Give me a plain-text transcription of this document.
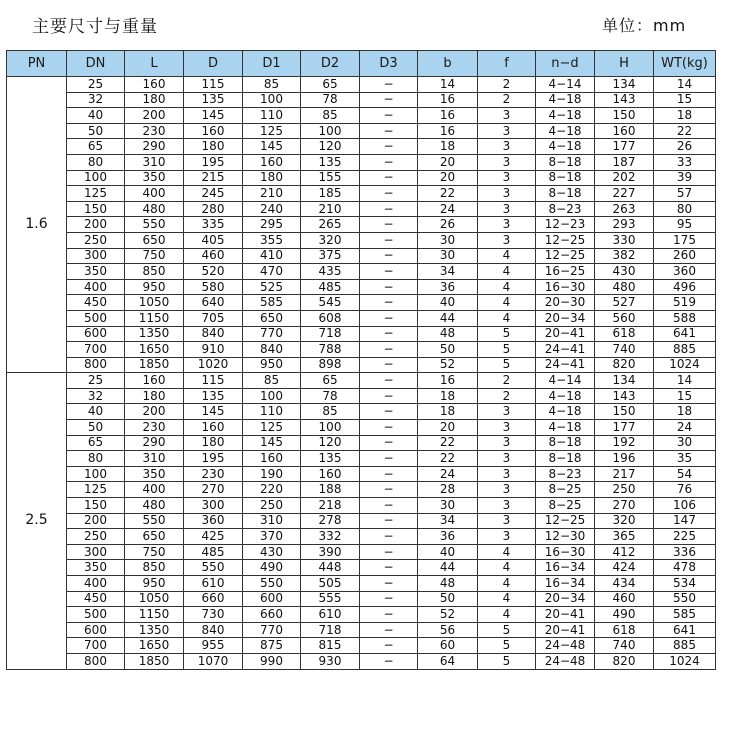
主要尺寸与重量	单位：mm
PN	DN	L	D	D1	D2	D3	b	f	n−d	H	WT(kg)
1.6	25	160	115	85	65	−	14	2	4−14	134	14
	32	180	135	100	78	−	16	2	4−18	143	15
	40	200	145	110	85	−	16	3	4−18	150	18
	50	230	160	125	100	−	16	3	4−18	160	22
	65	290	180	145	120	−	18	3	4−18	177	26
	80	310	195	160	135	−	20	3	8−18	187	33
	100	350	215	180	155	−	20	3	8−18	202	39
	125	400	245	210	185	−	22	3	8−18	227	57
	150	480	280	240	210	−	24	3	8−23	263	80
	200	550	335	295	265	−	26	3	12−23	293	95
	250	650	405	355	320	−	30	3	12−25	330	175
	300	750	460	410	375	−	30	4	12−25	382	260
	350	850	520	470	435	−	34	4	16−25	430	360
	400	950	580	525	485	−	36	4	16−30	480	496
	450	1050	640	585	545	−	40	4	20−30	527	519
	500	1150	705	650	608	−	44	4	20−34	560	588
	600	1350	840	770	718	−	48	5	20−41	618	641
	700	1650	910	840	788	−	50	5	24−41	740	885
	800	1850	1020	950	898	−	52	5	24−41	820	1024
2.5	25	160	115	85	65	−	16	2	4−14	134	14
	32	180	135	100	78	−	18	2	4−18	143	15
	40	200	145	110	85	−	18	3	4−18	150	18
	50	230	160	125	100	−	20	3	4−18	177	24
	65	290	180	145	120	−	22	3	8−18	192	30
	80	310	195	160	135	−	22	3	8−18	196	35
	100	350	230	190	160	−	24	3	8−23	217	54
	125	400	270	220	188	−	28	3	8−25	250	76
	150	480	300	250	218	−	30	3	8−25	270	106
	200	550	360	310	278	−	34	3	12−25	320	147
	250	650	425	370	332	−	36	3	12−30	365	225
	300	750	485	430	390	−	40	4	16−30	412	336
	350	850	550	490	448	−	44	4	16−34	424	478
	400	950	610	550	505	−	48	4	16−34	434	534
	450	1050	660	600	555	−	50	4	20−34	460	550
	500	1150	730	660	610	−	52	4	20−41	490	585
	600	1350	840	770	718	−	56	5	20−41	618	641
	700	1650	955	875	815	−	60	5	24−48	740	885
	800	1850	1070	990	930	−	64	5	24−48	820	1024
